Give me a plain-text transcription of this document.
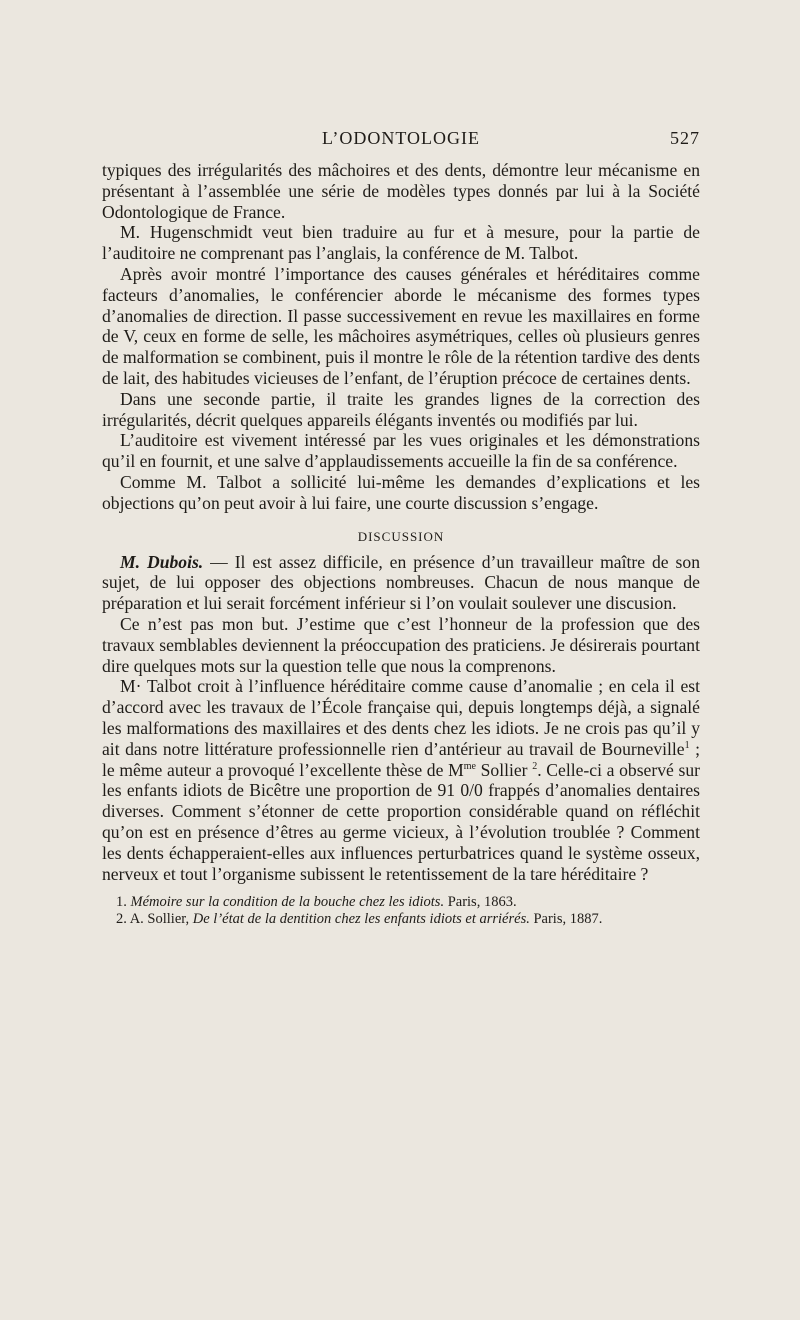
L’ODONTOLOGIE	527

typiques des irrégularités des mâchoires et des dents, démontre leur mécanisme en présentant à l’assemblée une série de modèles types donnés par lui à la Société Odontologique de France.

M. Hugenschmidt veut bien traduire au fur et à mesure, pour la partie de l’auditoire ne comprenant pas l’anglais, la conférence de M. Talbot.

Après avoir montré l’importance des causes générales et héréditaires comme facteurs d’anomalies, le conférencier aborde le mécanisme des formes types d’anomalies de direction. Il passe successivement en revue les maxillaires en forme de V, ceux en forme de selle, les mâchoires asymétriques, celles où plusieurs genres de malformation se combinent, puis il montre le rôle de la rétention tardive des dents de lait, des habitudes vicieuses de l’enfant, de l’éruption précoce de certaines dents.

Dans une seconde partie, il traite les grandes lignes de la correction des irrégularités, décrit quelques appareils élégants inventés ou modifiés par lui.

L’auditoire est vivement intéressé par les vues originales et les démonstrations qu’il en fournit, et une salve d’applaudissements accueille la fin de sa conférence.

Comme M. Talbot a sollicité lui-même les demandes d’explications et les objections qu’on peut avoir à lui faire, une courte discussion s’engage.

DISCUSSION

M. Dubois. — Il est assez difficile, en présence d’un travailleur maître de son sujet, de lui opposer des objections nombreuses. Chacun de nous manque de préparation et lui serait forcément inférieur si l’on voulait soulever une discusion.

Ce n’est pas mon but. J’estime que c’est l’honneur de la profession que des travaux semblables deviennent la préoccupation des praticiens. Je désirerais pourtant dire quelques mots sur la question telle que nous la comprenons.

M· Talbot croit à l’influence héréditaire comme cause d’anomalie ; en cela il est d’accord avec les travaux de l’École française qui, depuis longtemps déjà, a signalé les malformations des maxillaires et des dents chez les idiots. Je ne crois pas qu’il y ait dans notre littérature professionnelle rien d’antérieur au travail de Bourneville$^1$ ; le même auteur a provoqué l’excellente thèse de $M^{me}$ Sollier $^2$. Celle-ci a observé sur les enfants idiots de Bicêtre une proportion de 91 0/0 frappés d’anomalies dentaires diverses. Comment s’étonner de cette proportion considérable quand on réfléchit qu’on est en présence d’êtres au germe vicieux, à l’évolution troublée ? Comment les dents échapperaient-elles aux influences perturbatrices quand le système osseux, nerveux et tout l’organisme subissent le retentissement de la tare héréditaire ?

1. Mémoire sur la condition de la bouche chez les idiots. Paris, 1863.

2. A. Sollier, De l’état de la dentition chez les enfants idiots et arriérés. Paris, 1887.
